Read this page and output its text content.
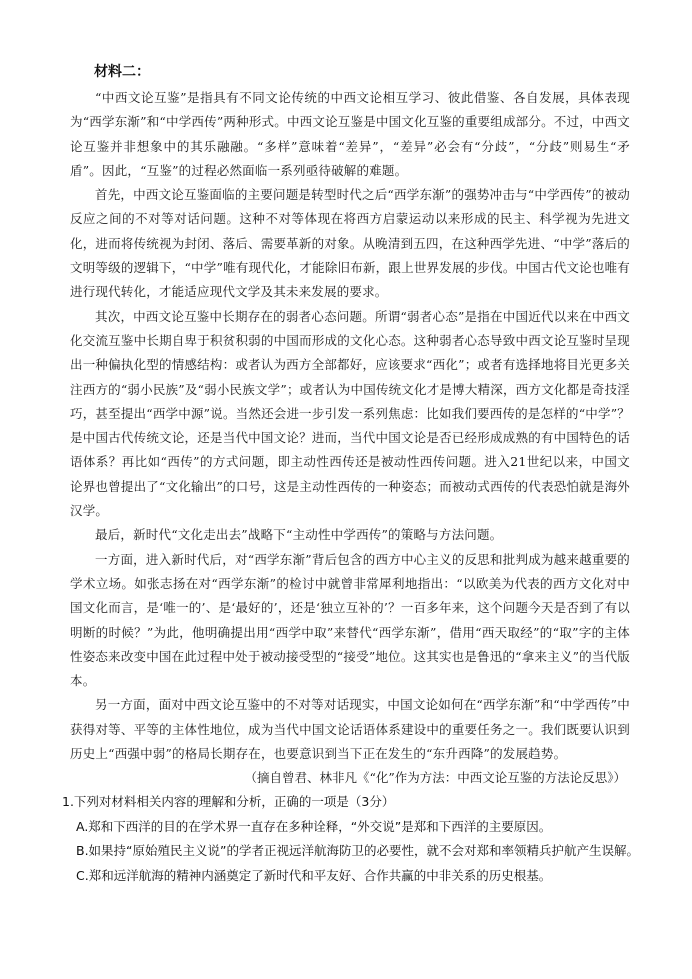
材料二：

“中西文论互鉴”是指具有不同文论传统的中西文论相互学习、彼此借鉴、各自发展，具体表现为“西学东渐”和“中学西传”两种形式。中西文论互鉴是中国文化互鉴的重要组成部分。不过，中西文论互鉴并非想象中的其乐融融。“多样”意味着“差异”，“差异”必会有“分歧”，“分歧”则易生“矛盾”。因此，“互鉴”的过程必然面临一系列亟待破解的难题。

首先，中西文论互鉴面临的主要问题是转型时代之后“西学东渐”的强势冲击与“中学西传”的被动反应之间的不对等对话问题。这种不对等体现在将西方启蒙运动以来形成的民主、科学视为先进文化，进而将传统视为封闭、落后、需要革新的对象。从晚清到五四，在这种西学先进、“中学”落后的文明等级的逻辑下，“中学”唯有现代化，才能除旧布新，跟上世界发展的步伐。中国古代文论也唯有进行现代转化，才能适应现代文学及其未来发展的要求。

其次，中西文论互鉴中长期存在的弱者心态问题。所谓“弱者心态”是指在中国近代以来在中西文化交流互鉴中长期自卑于积贫积弱的中国而形成的文化心态。这种弱者心态导致中西文论互鉴时呈现出一种偏执化型的情感结构：或者认为西方全部都好，应该要求“西化”；或者有选择地将目光更多关注西方的“弱小民族”及“弱小民族文学”；或者认为中国传统文化才是博大精深，西方文化都是奇技淫巧，甚至提出“西学中源”说。当然还会进一步引发一系列焦虑：比如我们要西传的是怎样的“中学”？是中国古代传统文论，还是当代中国文论？进而，当代中国文论是否已经形成成熟的有中国特色的话语体系？再比如“西传”的方式问题，即主动性西传还是被动性西传问题。进入21世纪以来，中国文论界也曾提出了“文化输出”的口号，这是主动性西传的一种姿态；而被动式西传的代表恐怕就是海外汉学。

最后，新时代“文化走出去”战略下“主动性中学西传”的策略与方法问题。

一方面，进入新时代后，对“西学东渐”背后包含的西方中心主义的反思和批判成为越来越重要的学术立场。如张志扬在对“西学东渐”的检讨中就曾非常犀利地指出：“以欧美为代表的西方文化对中国文化而言，是‘唯一的’、是‘最好的’，还是‘独立互补的’？一百多年来，这个问题今天是否到了有以明断的时候？”为此，他明确提出用“西学中取”来替代“西学东渐”，借用“西天取经”的“取”字的主体性姿态来改变中国在此过程中处于被动接受型的“接受”地位。这其实也是鲁迅的“拿来主义”的当代版本。

另一方面，面对中西文论互鉴中的不对等对话现实，中国文论如何在“西学东渐”和“中学西传”中获得对等、平等的主体性地位，成为当代中国文论话语体系建设中的重要任务之一。我们既要认识到历史上“西强中弱”的格局长期存在，也要意识到当下正在发生的“东升西降”的发展趋势。

（摘自曾君、林非凡《“化”作为方法：中西文论互鉴的方法论反思》）

1.下列对材料相关内容的理解和分析，正确的一项是（3分）

A.郑和下西洋的目的在学术界一直存在多种诠释，“外交说”是郑和下西洋的主要原因。

B.如果持“原始殖民主义说”的学者正视远洋航海防卫的必要性，就不会对郑和率领精兵护航产生误解。

C.郑和远洋航海的精神内涵奠定了新时代和平友好、合作共赢的中非关系的历史根基。
